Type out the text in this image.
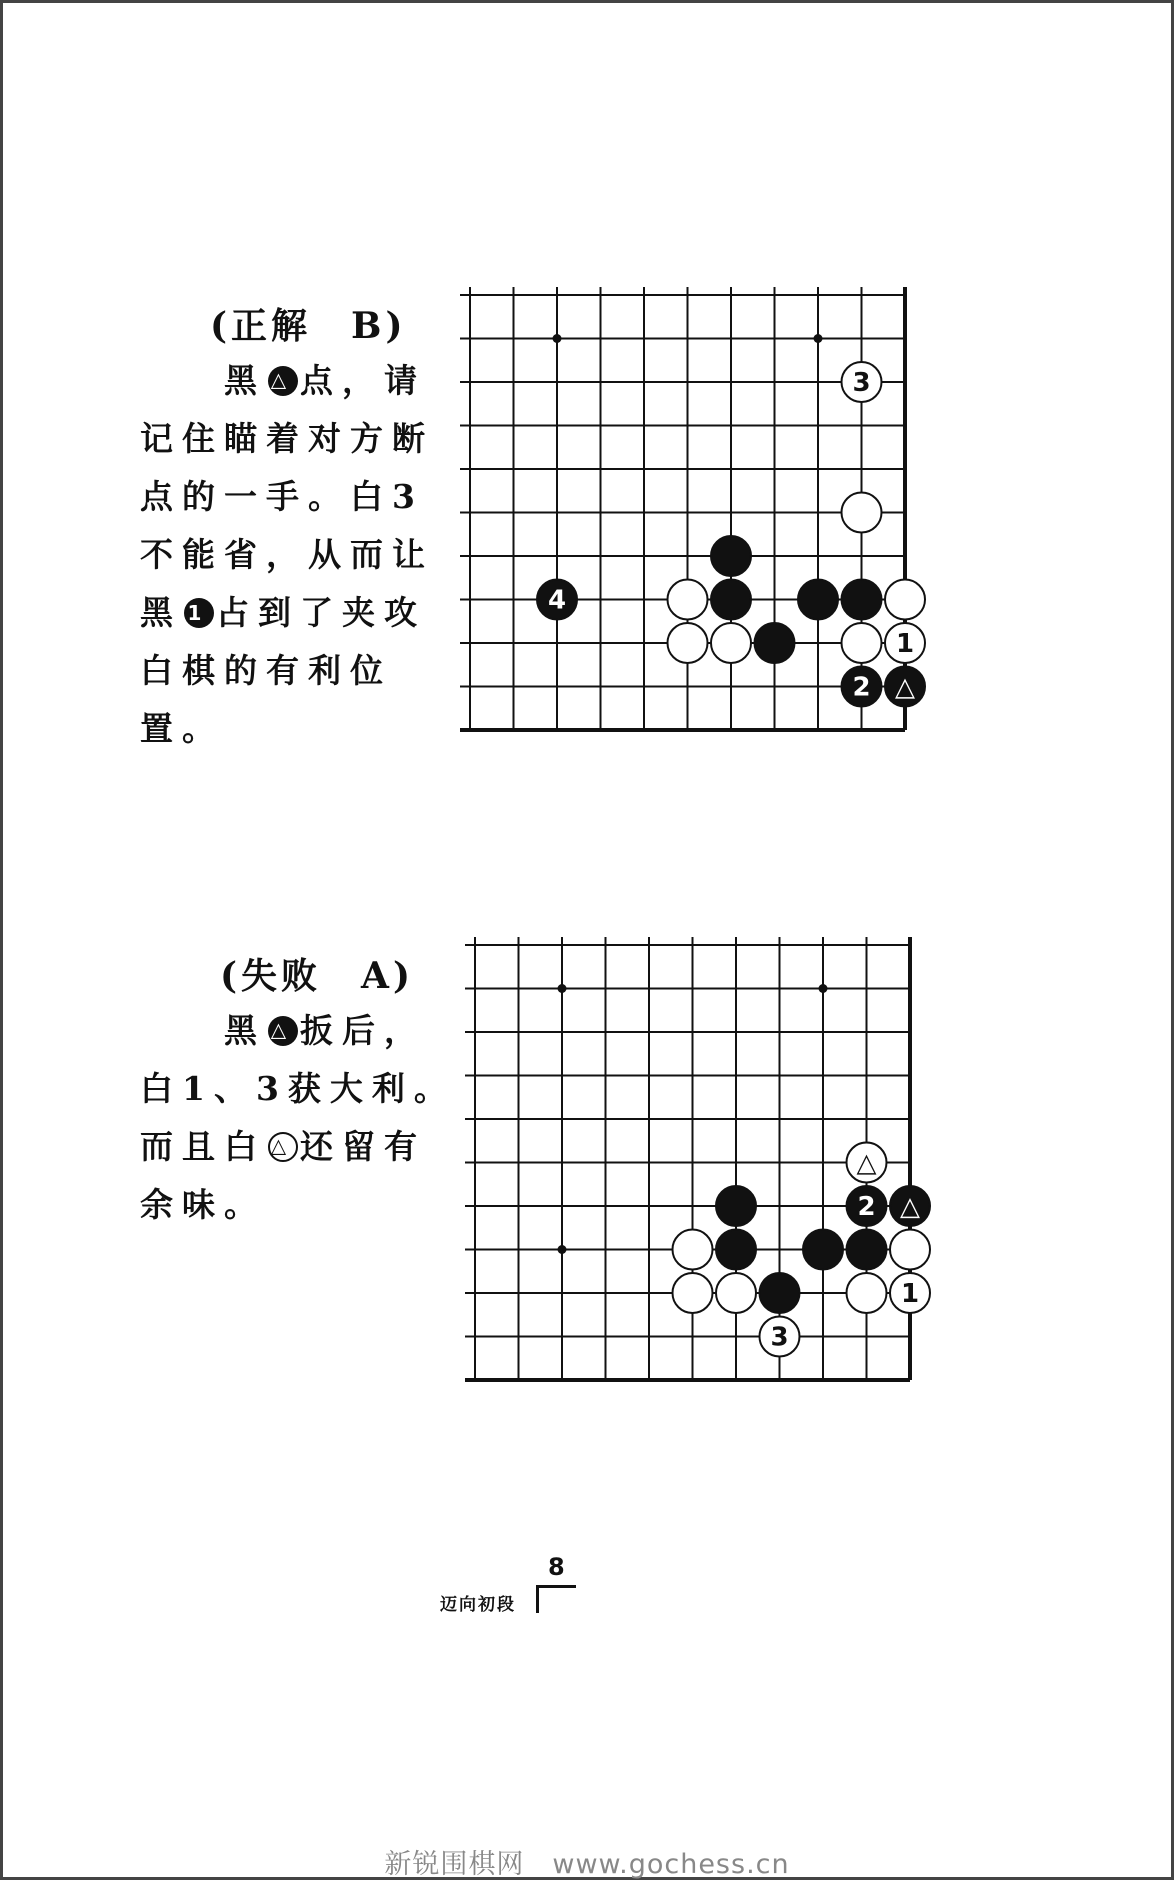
(正解　B)
黑 △ 点，请
记住瞄着对方断
点的一手。白3
不能省，从而让
黑 1 占到了夹攻
白棋的有利位
置。
1
2
3
4
△
(失败　A)
黑 △ 扳后，
白1、3获大利。
而且白 △ 还留有
余味。
1
2
3
△
△
迈向初段
8
新锐围棋网　www.gochess.cn
